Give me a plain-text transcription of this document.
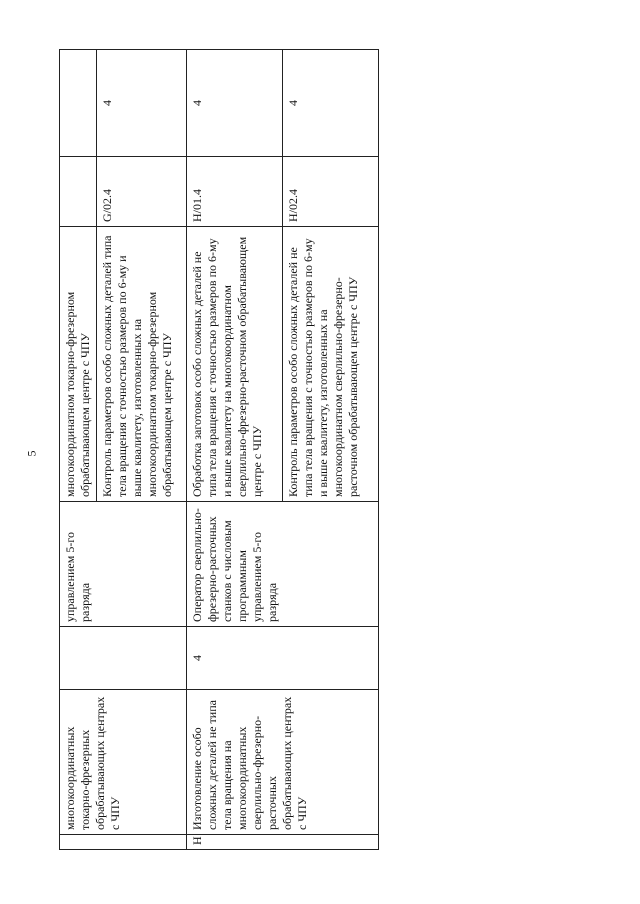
5
	многокоординатных токарно-фрезерных обрабатывающих центрах с ЧПУ		управлением 5-го разряда	многокоординатном токарно-фрезерном обрабатывающем центре с ЧПУ		
				Контроль параметров особо сложных деталей типа тела вращения с точностью размеров по 6-му и выше квалитету, изготовленных на многокоординатном токарно-фрезерном обрабатывающем центре с ЧПУ	G/02.4	4
H	Изготовление особо сложных деталей не типа тела вращения на многокоординатных сверлильно-фрезерно-расточных обрабатывающих центрах с ЧПУ	4	Оператор сверлильно-фрезерно-расточных станков с числовым программным управлением 5-го разряда	Обработка заготовок особо сложных деталей не типа тела вращения с точностью размеров по 6-му и выше квалитету на многокоординатном сверлильно-фрезерно-расточном обрабатывающем центре с ЧПУ	H/01.4	4
				Контроль параметров особо сложных деталей не типа тела вращения с точностью размеров по 6-му и выше квалитету, изготовленных на многокоординатном сверлильно-фрезерно-расточном обрабатывающем центре с ЧПУ	H/02.4	4
